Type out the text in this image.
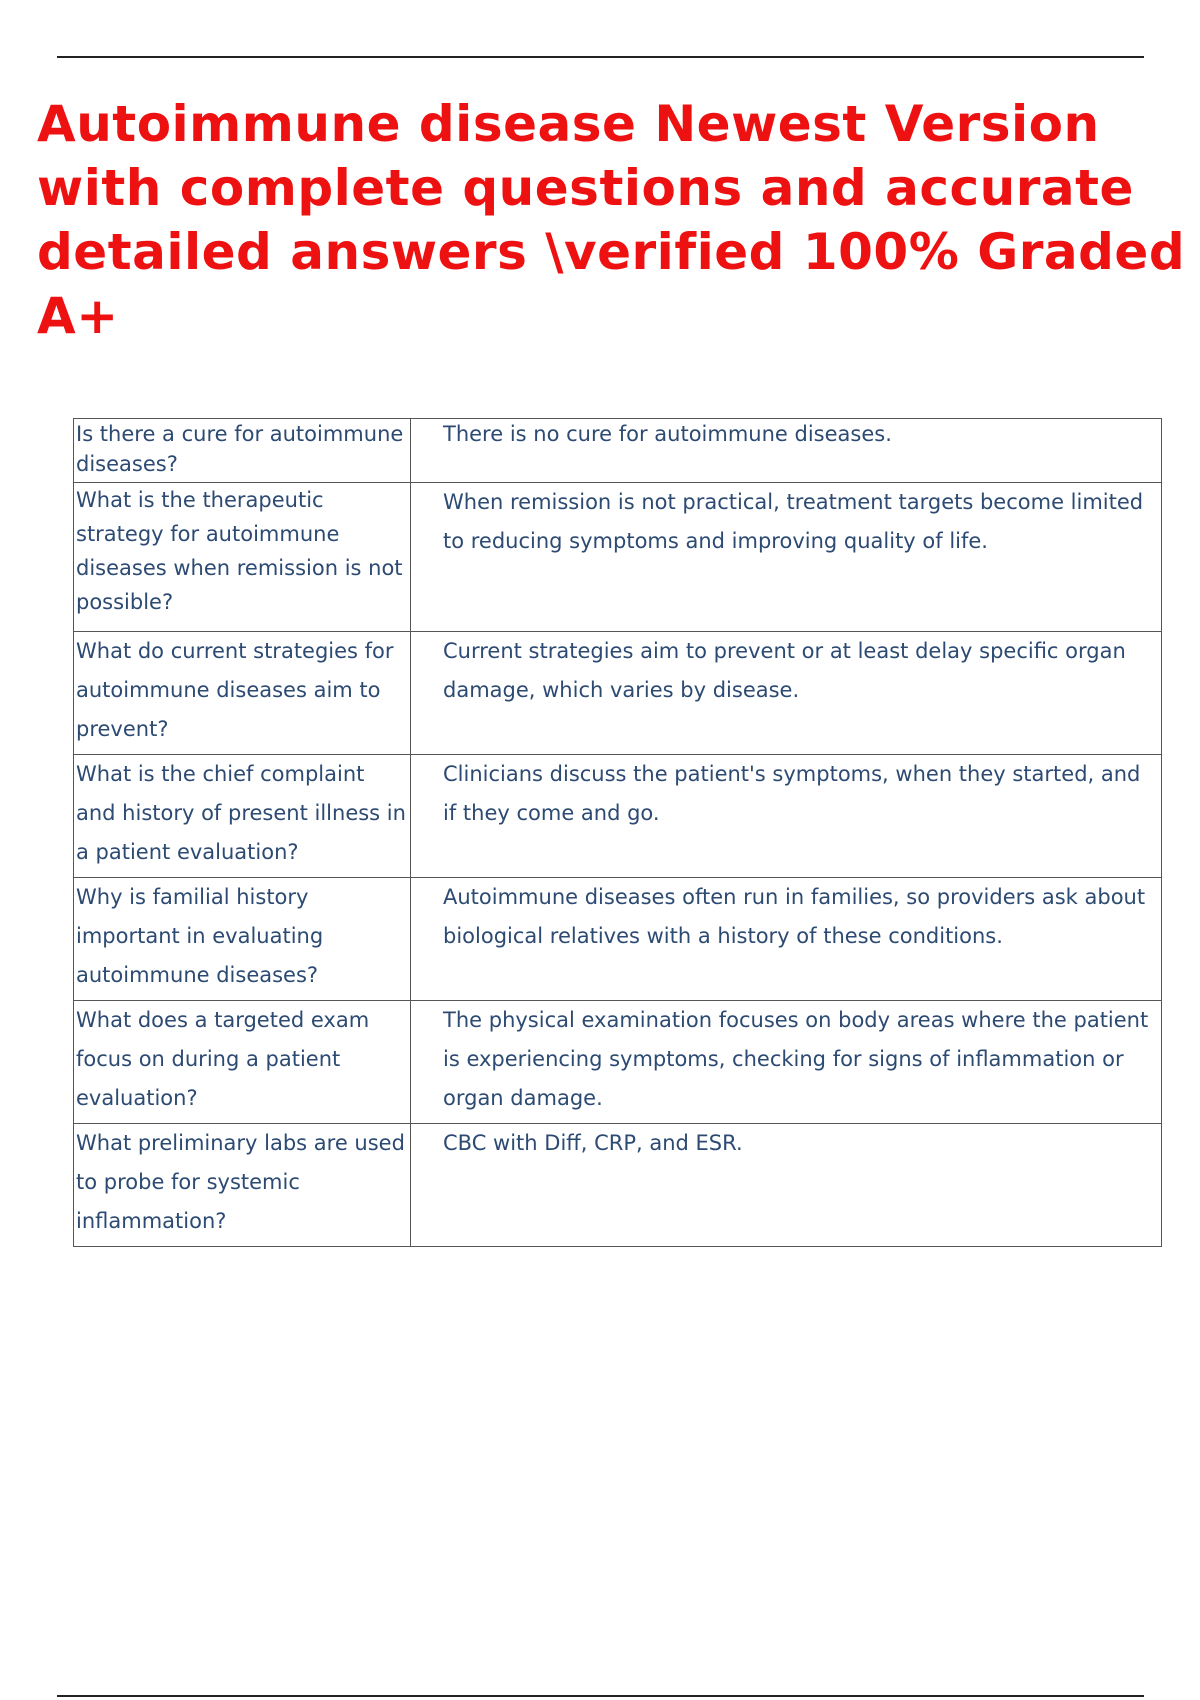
Autoimmune disease Newest Version with complete questions and accurate detailed answers \verified 100% Graded A+
Is there a cure for autoimmune diseases?	There is no cure for autoimmune diseases.
What is the therapeutic strategy for autoimmune diseases when remission is not possible?	When remission is not practical, treatment targets become limited to reducing symptoms and improving quality of life.
What do current strategies for autoimmune diseases aim to prevent?	Current strategies aim to prevent or at least delay specific organ damage, which varies by disease.
What is the chief complaint and history of present illness in a patient evaluation?	Clinicians discuss the patient's symptoms, when they started, and if they come and go.
Why is familial history important in evaluating autoimmune diseases?	Autoimmune diseases often run in families, so providers ask about biological relatives with a history of these conditions.
What does a targeted exam focus on during a patient evaluation?	The physical examination focuses on body areas where the patient is experiencing symptoms, checking for signs of inflammation or organ damage.
What preliminary labs are used to probe for systemic inflammation?	CBC with Diff, CRP, and ESR.
